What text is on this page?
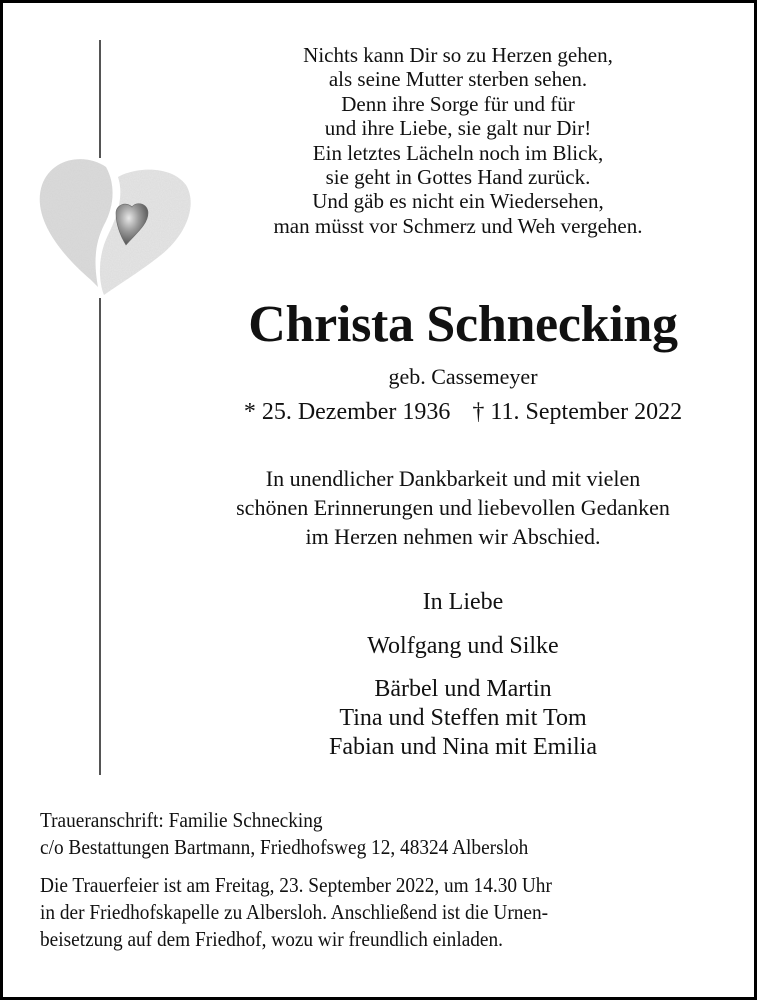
Nichts kann Dir so zu Herzen gehen,
als seine Mutter sterben sehen.
Denn ihre Sorge für und für
und ihre Liebe, sie galt nur Dir!
Ein letztes Lächeln noch im Blick,
sie geht in Gottes Hand zurück.
Und gäb es nicht ein Wiedersehen,
man müsst vor Schmerz und Weh vergehen.
Christa Schnecking
geb. Cassemeyer
* 25. Dezember 1936 † 11. September 2022
In unendlicher Dankbarkeit und mit vielen
schönen Erinnerungen und liebevollen Gedanken
im Herzen nehmen wir Abschied.
In Liebe
Wolfgang und Silke
Bärbel und Martin
Tina und Steffen mit Tom
Fabian und Nina mit Emilia
Traueranschrift: Familie Schnecking
c/o Bestattungen Bartmann, Friedhofsweg 12, 48324 Albersloh
Die Trauerfeier ist am Freitag, 23. September 2022, um 14.30 Uhr
in der Friedhofskapelle zu Albersloh. Anschließend ist die Urnen-
beisetzung auf dem Friedhof, wozu wir freundlich einladen.
